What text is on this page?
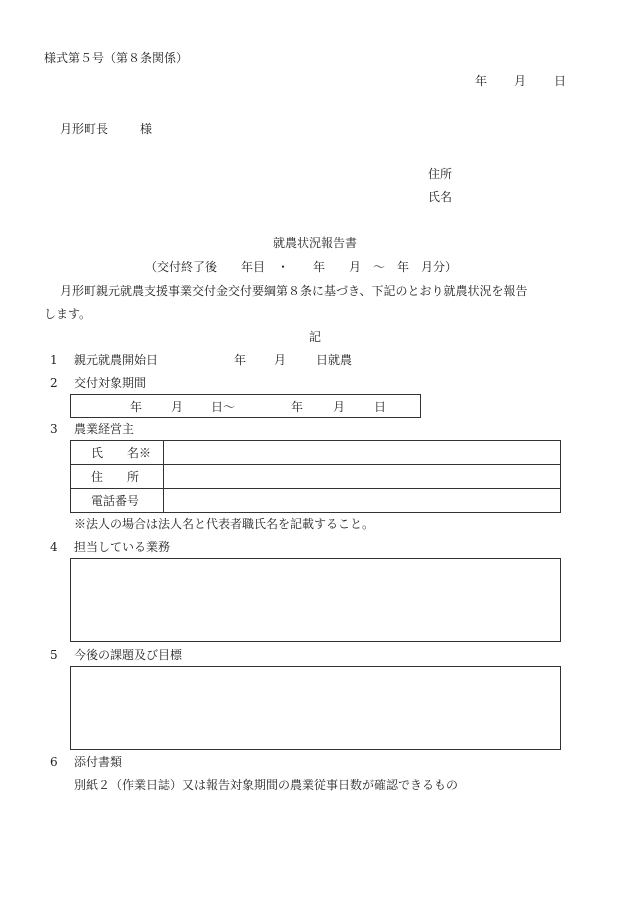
様式第５号（第８条関係）
年 月 日
月形町長	様
住所
氏名
就農状況報告書
（交付終了後　　年目　・　　年　　月　～　年　月分）
月形町親元就農支援事業交付金交付要綱第８条に基づき、下記のとおり就農状況を報告
します。
記
1 親元就農開始日	年 月 日就農
2 交付対象期間
年 月 日～	年 月 日
3 農業経営主
氏　　名※	
住　　所	
電話番号	
※法人の場合は法人名と代表者職氏名を記載すること。
4 担当している業務
5 今後の課題及び目標
6 添付書類
別紙２（作業日誌）又は報告対象期間の農業従事日数が確認できるもの
